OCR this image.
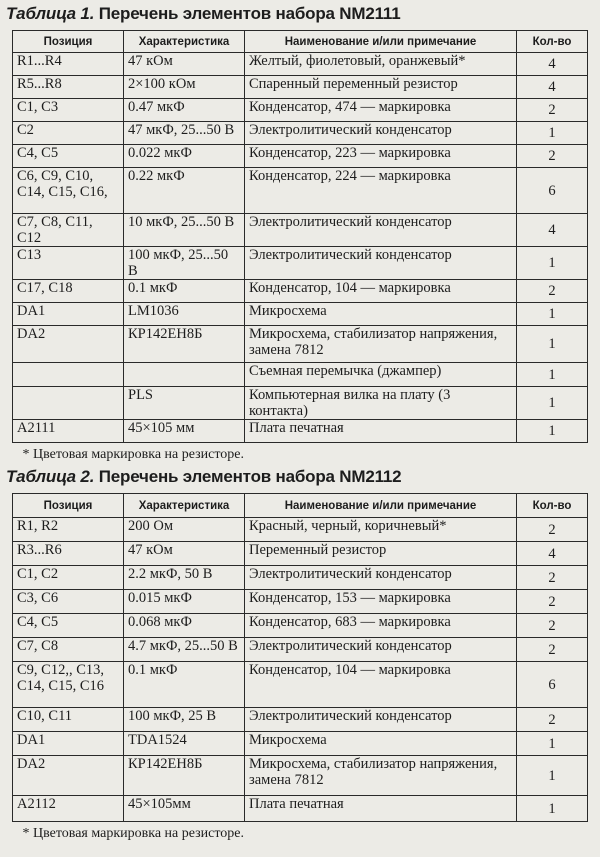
Таблица 1. Перечень элементов набора NM2111
Позиция	Характеристика	Наименование и/или примечание	Кол-во
R1...R4	47 кОм	Желтый, фиолетовый, оранжевый*	4
R5...R8	2×100 кОм	Спаренный переменный резистор	4
C1, C3	0.47 мкФ	Конденсатор, 474 — маркировка	2
C2	47 мкФ, 25...50 В	Электролитический конденсатор	1
C4, C5	0.022 мкФ	Конденсатор, 223 — маркировка	2
C6, C9, C10, C14, C15, C16,	0.22 мкФ	Конденсатор, 224 — маркировка	6
C7, C8, C11, C12	10 мкФ, 25...50 В	Электролитический конденсатор	4
C13	100 мкФ, 25...50 В	Электролитический конденсатор	1
C17, C18	0.1 мкФ	Конденсатор, 104 — маркировка	2
DA1	LM1036	Микросхема	1
DA2	КР142ЕН8Б	Микросхема, стабилизатор напряжения, замена 7812	1
		Съемная перемычка (джампер)	1
	PLS	Компьютерная вилка на плату (3 контакта)	1
A2111	45×105 мм	Плата печатная	1
* Цветовая маркировка на резисторе.			
Таблица 2. Перечень элементов набора NM2112
Позиция	Характеристика	Наименование и/или примечание	Кол-во
R1, R2	200 Ом	Красный, черный, коричневый*	2
R3...R6	47 кОм	Переменный резистор	4
C1, C2	2.2 мкФ, 50 В	Электролитический конденсатор	2
C3, C6	0.015 мкФ	Конденсатор, 153 — маркировка	2
C4, C5	0.068 мкФ	Конденсатор, 683 — маркировка	2
C7, C8	4.7 мкФ, 25...50 В	Электролитический конденсатор	2
C9, C12,, C13, C14, C15, C16	0.1 мкФ	Конденсатор, 104 — маркировка	6
C10, C11	100 мкФ, 25 В	Электролитический конденсатор	2
DA1	TDA1524	Микросхема	1
DA2	КР142ЕН8Б	Микросхема, стабилизатор напряжения, замена 7812	1
A2112	45×105мм	Плата печатная	1
* Цветовая маркировка на резисторе.			
